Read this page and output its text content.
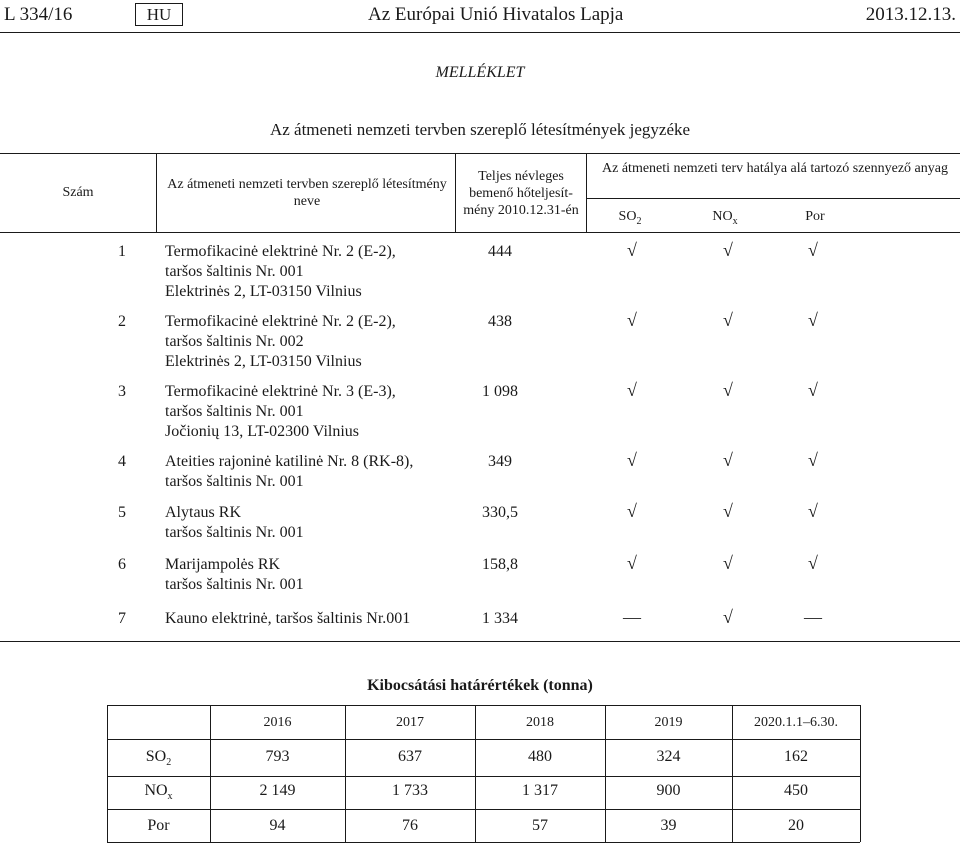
L 334/16	HU	Az Európai Unió Hivatalos Lapja	2013.12.13.
MELLÉKLET
Az átmeneti nemzeti tervben szereplő létesítmények jegyzéke
Szám
Az átmeneti nemzeti tervben szereplő létesítmény neve
Teljes névleges
bemenő hőteljesít-
mény 2010.12.31-én
Az átmeneti nemzeti terv hatálya alá tartozó szennyező anyag
$SO_2$	$NO_x$	Por
1 Termofikacinė elektrinė Nr. 2 (E-2),
taršos šaltinis Nr. 001
Elektrinės 2, LT-03150 Vilnius
444	√	√	√
2 Termofikacinė elektrinė Nr. 2 (E-2),
taršos šaltinis Nr. 002
Elektrinės 2, LT-03150 Vilnius
438	√	√	√
3 Termofikacinė elektrinė Nr. 3 (E-3),
taršos šaltinis Nr. 001
Jočionių 13, LT-02300 Vilnius
1 098	√	√	√
4 Ateities rajoninė katilinė Nr. 8 (RK-8),
taršos šaltinis Nr. 001
349	√	√	√
5 Alytaus RK
taršos šaltinis Nr. 001
330,5	√	√	√
6 Marijampolės RK
taršos šaltinis Nr. 001
158,8	√	√	√
7 Kauno elektrinė, taršos šaltinis Nr.001	1 334	—	√	—
Kibocsátási határértékek (tonna)
2016	2017	2018	2019	2020.1.1–6.30.
$SO_2$	793	637	480	324	162
$NO_x$	2 149	1 733	1 317	900	450
Por	94	76	57	39	20
